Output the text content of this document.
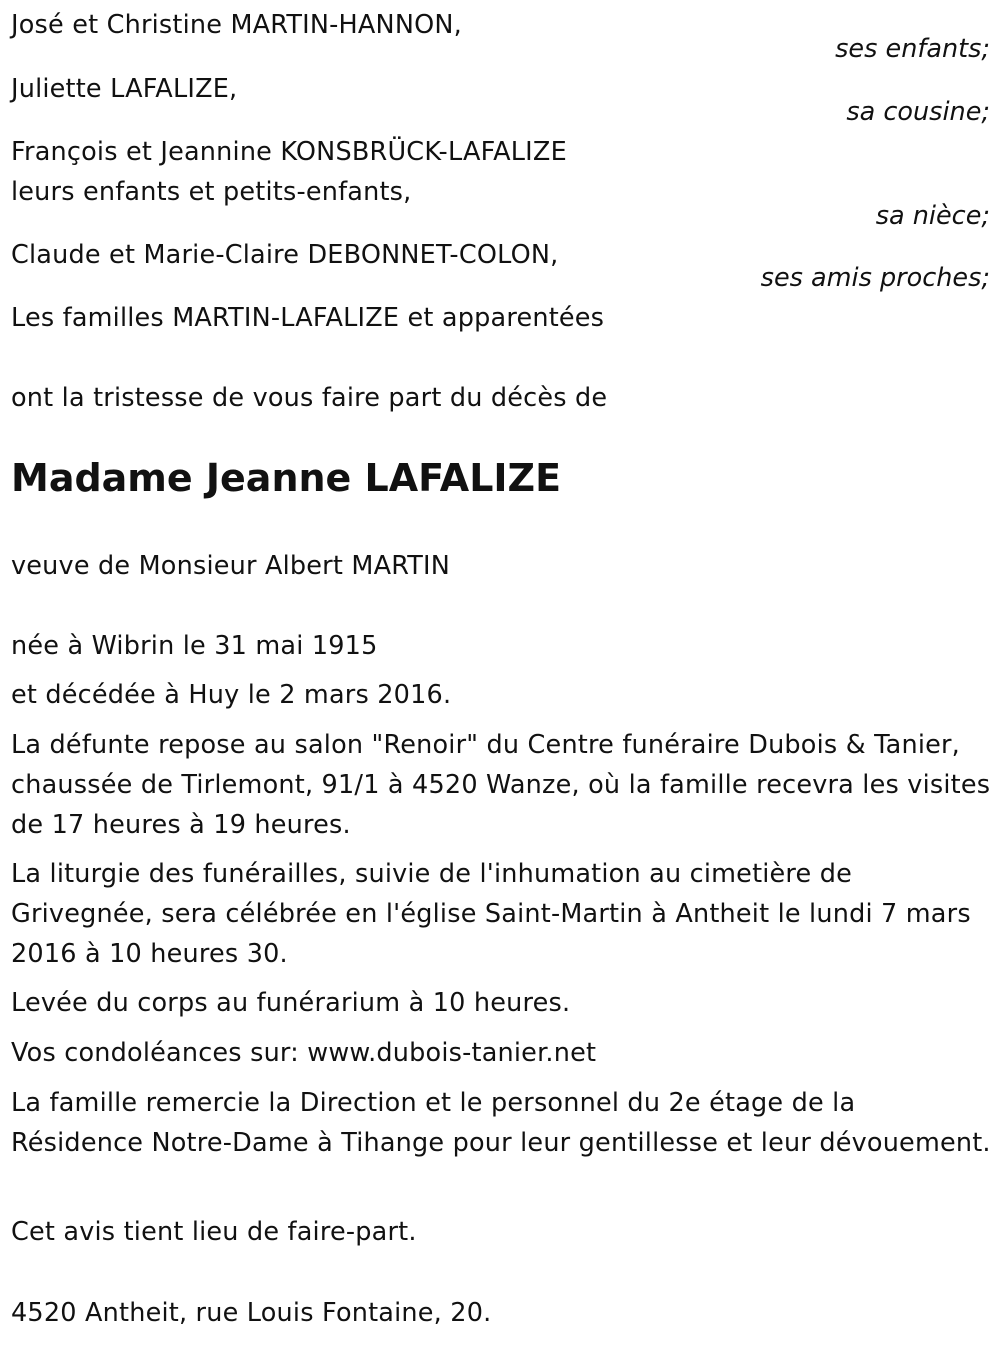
José et Christine MARTIN-HANNON,
ses enfants;
Juliette LAFALIZE,
sa cousine;
François et Jeannine KONSBRÜCK-LAFALIZE
leurs enfants et petits-enfants,
sa nièce;
Claude et Marie-Claire DEBONNET-COLON,
ses amis proches;
Les familles MARTIN-LAFALIZE et apparentées
ont la tristesse de vous faire part du décès de
Madame Jeanne LAFALIZE
veuve de Monsieur Albert MARTIN
née à Wibrin le 31 mai 1915
et décédée à Huy le 2 mars 2016.
La défunte repose au salon "Renoir" du Centre funéraire Dubois & Tanier, chaussée de Tirlemont, 91/1 à 4520 Wanze, où la famille recevra les visites de 17 heures à 19 heures.
La liturgie des funérailles, suivie de l'inhumation au cimetière de Grivegnée, sera célébrée en l'église Saint-Martin à Antheit le lundi 7 mars 2016 à 10 heures 30.
Levée du corps au funérarium à 10 heures.
Vos condoléances sur: www.dubois-tanier.net
La famille remercie la Direction et le personnel du 2e étage de la Résidence Notre-Dame à Tihange pour leur gentillesse et leur dévouement.
Cet avis tient lieu de faire-part.
4520 Antheit, rue Louis Fontaine, 20.
